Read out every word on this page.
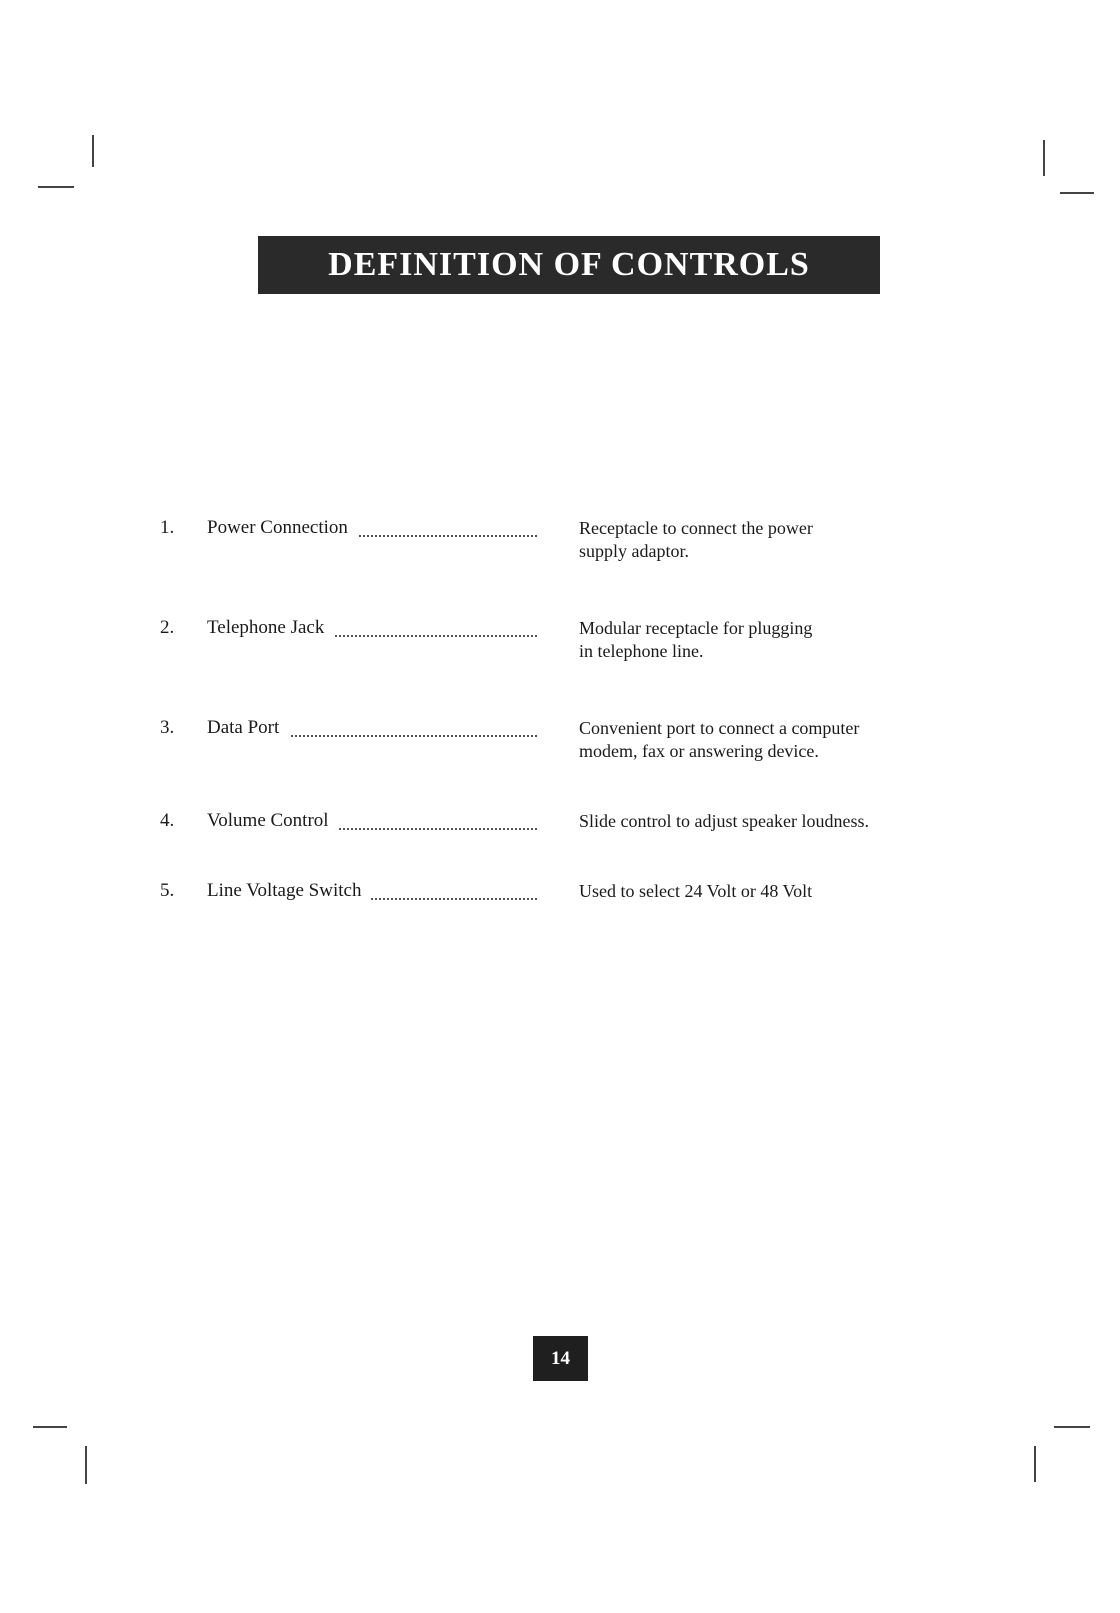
DEFINITION OF CONTROLS
1.	Power Connection	Receptacle to connect the power
supply adaptor.
2.	Telephone Jack	Modular receptacle for plugging
in telephone line.
3.	Data Port	Convenient port to connect a computer
modem, fax or answering device.
4.	Volume Control	Slide control to adjust speaker loudness.
5.	Line Voltage Switch	Used to select 24 Volt or 48 Volt
14
